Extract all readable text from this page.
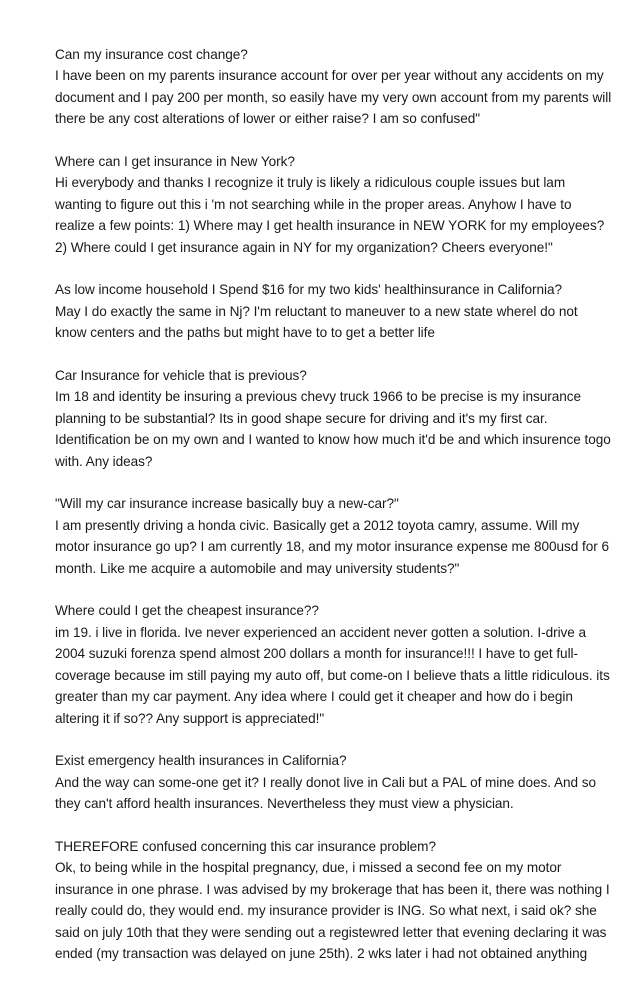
Can my insurance cost change?
I have been on my parents insurance account for over per year without any accidents on my
document and I pay 200 per month, so easily have my very own account from my parents will
there be any cost alterations of lower or either raise? I am so confused"
Where can I get insurance in New York?
Hi everybody and thanks I recognize it truly is likely a ridiculous couple issues but lam
wanting to figure out this i 'm not searching while in the proper areas. Anyhow I have to
realize a few points: 1) Where may I get health insurance in NEW YORK for my employees?
2) Where could I get insurance again in NY for my organization? Cheers everyone!"
As low income household I Spend $16 for my two kids' healthinsurance in California?
May I do exactly the same in Nj? I'm reluctant to maneuver to a new state wherel do not
know centers and the paths but might have to to get a better life
Car Insurance for vehicle that is previous?
Im 18 and identity be insuring a previous chevy truck 1966 to be precise is my insurance
planning to be substantial? Its in good shape secure for driving and it's my first car.
Identification be on my own and I wanted to know how much it'd be and which insurence togo
with. Any ideas?
"Will my car insurance increase basically buy a new-car?"
I am presently driving a honda civic. Basically get a 2012 toyota camry, assume. Will my
motor insurance go up? I am currently 18, and my motor insurance expense me 800usd for 6
month. Like me acquire a automobile and may university students?"
Where could I get the cheapest insurance??
im 19. i live in florida. Ive never experienced an accident never gotten a solution. I-drive a
2004 suzuki forenza spend almost 200 dollars a month for insurance!!! I have to get full-
coverage because im still paying my auto off, but come-on I believe thats a little ridiculous. its
greater than my car payment. Any idea where I could get it cheaper and how do i begin
altering it if so?? Any support is appreciated!"
Exist emergency health insurances in California?
And the way can some-one get it? I really donot live in Cali but a PAL of mine does. And so
they can't afford health insurances. Nevertheless they must view a physician.
THEREFORE confused concerning this car insurance problem?
Ok, to being while in the hospital pregnancy, due, i missed a second fee on my motor
insurance in one phrase. I was advised by my brokerage that has been it, there was nothing I
really could do, they would end. my insurance provider is ING. So what next, i said ok? she
said on july 10th that they were sending out a registewred letter that evening declaring it was
ended (my transaction was delayed on june 25th). 2 wks later i had not obtained anything
